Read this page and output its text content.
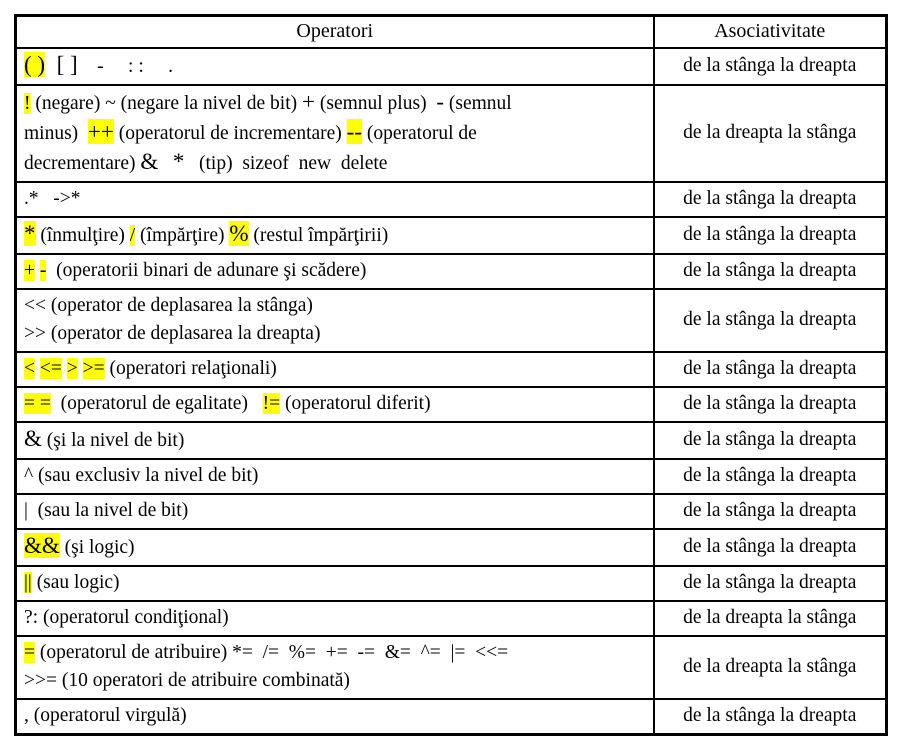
Operatori	Asociativitate

( )  [ ]    -     : :     .	de la stânga la dreapta

! (negare) ~ (negare la nivel de bit) + (semnul plus)  - (semnul
minus)  ++ (operatorul de incrementare) -- (operatorul de
decrementare) & *   (tip)  sizeof  new  delete	de la dreapta la stânga

.*   ->*	de la stânga la dreapta

* (înmulţire) / (împărţire) % (restul împărţirii)	de la stânga la dreapta

+ -  (operatorii binari de adunare şi scădere)	de la stânga la dreapta

<< (operator de deplasarea la stânga)
>> (operator de deplasarea la dreapta)	de la stânga la dreapta

< <= > >= (operatori relaţionali)	de la stânga la dreapta

= =  (operatorul de egalitate)   != (operatorul diferit)	de la stânga la dreapta

& (şi la nivel de bit)	de la stânga la dreapta

^ (sau exclusiv la nivel de bit)	de la stânga la dreapta

|  (sau la nivel de bit)	de la stânga la dreapta

&& (şi logic)	de la stânga la dreapta

|| (sau logic)	de la stânga la dreapta

?: (operatorul condiţional)	de la dreapta la stânga

= (operatorul de atribuire) *=  /=  %=  +=  -=  &=  ^=  |=  <<=
>>= (10 operatori de atribuire combinată)	de la dreapta la stânga

, (operatorul virgulă)	de la stânga la dreapta
